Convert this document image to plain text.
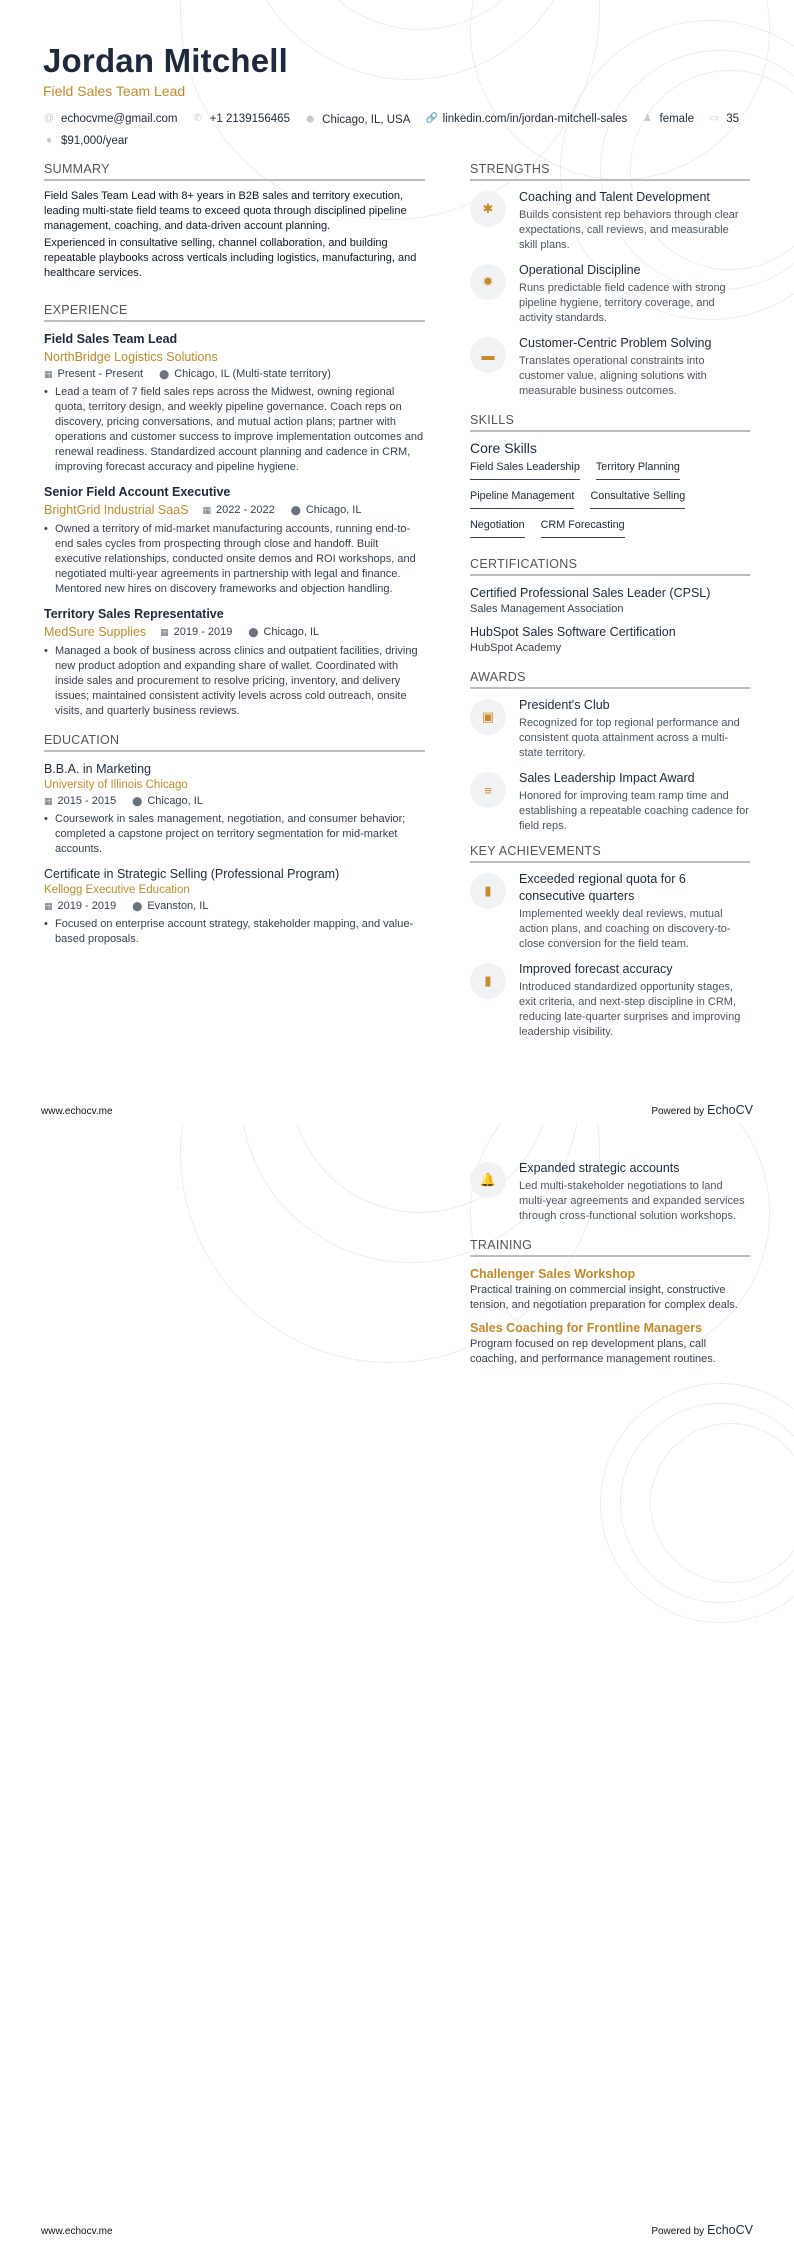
Jordan Mitchell
Field Sales Team Lead
@ echocvme@gmail.com
✆ +1 2139156465
⬤ Chicago, IL, USA
🔗 linkedin.com/in/jordan-mitchell-sales
♟ female
▭ 35

● $91,000/year
SUMMARY

Field Sales Team Lead with 8+ years in B2B sales and territory execution, leading multi-state field teams to exceed quota through disciplined pipeline management, coaching, and data-driven account planning.

Experienced in consultative selling, channel collaboration, and building repeatable playbooks across verticals including logistics, manufacturing, and healthcare services.

EXPERIENCE
Field Sales Team Lead
NorthBridge Logistics Solutions
▦ Present - Present ⬤ Chicago, IL (Multi-state territory)
• Lead a team of 7 field sales reps across the Midwest, owning regional quota, territory design, and weekly pipeline governance. Coach reps on discovery, pricing conversations, and mutual action plans; partner with operations and customer success to improve implementation outcomes and renewal readiness. Standardized account planning and cadence in CRM, improving forecast accuracy and pipeline hygiene.
Senior Field Account Executive
BrightGrid Industrial SaaS ▦ 2022 - 2022 ⬤ Chicago, IL
• Owned a territory of mid-market manufacturing accounts, running end-to-end sales cycles from prospecting through close and handoff. Built executive relationships, conducted onsite demos and ROI workshops, and negotiated multi-year agreements in partnership with legal and finance. Mentored new hires on discovery frameworks and objection handling.
Territory Sales Representative
MedSure Supplies ▦ 2019 - 2019 ⬤ Chicago, IL
• Managed a book of business across clinics and outpatient facilities, driving new product adoption and expanding share of wallet. Coordinated with inside sales and procurement to resolve pricing, inventory, and delivery issues; maintained consistent activity levels across cold outreach, onsite visits, and quarterly business reviews.
EDUCATION
B.B.A. in Marketing
University of Illinois Chicago
▦ 2015 - 2015 ⬤ Chicago, IL
• Coursework in sales management, negotiation, and consumer behavior; completed a capstone project on territory segmentation for mid-market accounts.
Certificate in Strategic Selling (Professional Program)
Kellogg Executive Education
▦ 2019 - 2019 ⬤ Evanston, IL
• Focused on enterprise account strategy, stakeholder mapping, and value-based proposals.
STRENGTHS
✱
Coaching and Talent Development
Builds consistent rep behaviors through clear expectations, call reviews, and measurable skill plans.
✹
Operational Discipline
Runs predictable field cadence with strong pipeline hygiene, territory coverage, and activity standards.
▬
Customer-Centric Problem Solving
Translates operational constraints into customer value, aligning solutions with measurable business outcomes.
SKILLS
Core Skills
Field Sales Leadership Territory Planning
Pipeline Management Consultative Selling
Negotiation CRM Forecasting
CERTIFICATIONS
Certified Professional Sales Leader (CPSL)
Sales Management Association
HubSpot Sales Software Certification
HubSpot Academy
AWARDS
▣
President's Club
Recognized for top regional performance and consistent quota attainment across a multi-state territory.
≡
Sales Leadership Impact Award
Honored for improving team ramp time and establishing a repeatable coaching cadence for field reps.
KEY ACHIEVEMENTS
▮
Exceeded regional quota for 6 consecutive quarters
Implemented weekly deal reviews, mutual action plans, and coaching on discovery-to-close conversion for the field team.
▮
Improved forecast accuracy
Introduced standardized opportunity stages, exit criteria, and next-step discipline in CRM, reducing late-quarter surprises and improving leadership visibility.
www.echocv.me	Powered by EchoCV
🔔
Expanded strategic accounts
Led multi-stakeholder negotiations to land multi-year agreements and expanded services through cross-functional solution workshops.
TRAINING
Challenger Sales Workshop
Practical training on commercial insight, constructive tension, and negotiation preparation for complex deals.
Sales Coaching for Frontline Managers
Program focused on rep development plans, call coaching, and performance management routines.
www.echocv.me	Powered by EchoCV
